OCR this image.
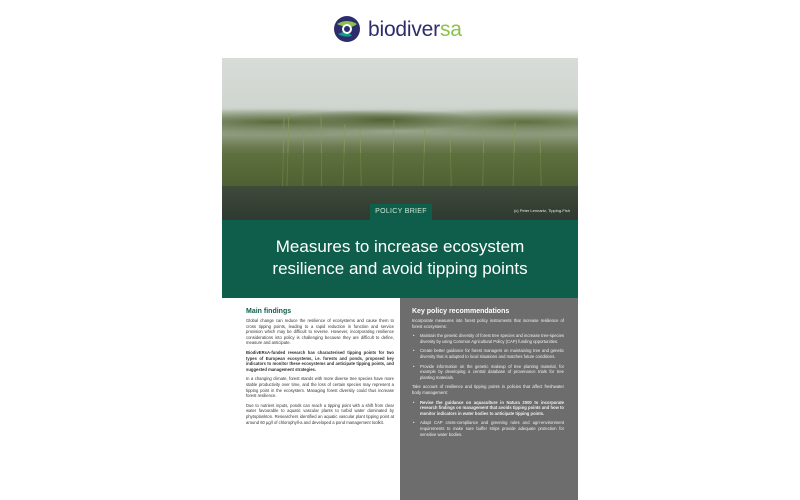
biodiversa
(c) Peter Lennartz, Tipping-Fish
POLICY BRIEF
Measures to increase ecosystem
resilience and avoid tipping points
Main findings

Global change can reduce the resilience of ecosystems and cause them to cross tipping points, leading to a rapid reduction in function and service provision which may be difficult to reverse. However, incorporating resilience considerations into policy is challenging because they are difficult to define, measure and anticipate.

BiodivERsA-funded research has characterised tipping points for two types of European ecosystems, i.e. forests and ponds, proposed key indicators to monitor these ecosystems and anticipate tipping points, and suggested management strategies.

In a changing climate, forest stands with more diverse tree species have more stable productivity over time, and the loss of certain species may represent a tipping point in the ecosystem. Managing forest diversity could thus increase forest resilience.

Due to nutrient inputs, ponds can reach a tipping point with a shift from clear water favourable to aquatic vascular plants to turbid water dominated by phytoplankton. Researchers identified an aquatic vascular plant tipping point at around 60 µg/l of chlorophyll-a and developed a pond management toolkit.

Key policy recommendations

Incorporate measures into forest policy instruments that increase resilience of forest ecosystems:

• Maintain the genetic diversity of forest tree species and increase tree-species diversity by using Common Agricultural Policy (CAP) funding opportunities.
• Create better guidance for forest managers on maintaining tree and genetic diversity that is adapted to local situations and matches future conditions.
• Provide information on the genetic makeup of tree planting material, for example by developing a central database of provenance trials for tree planting materials.

Take account of resilience and tipping points in policies that affect freshwater body management:

• Revise the guidance on aquaculture in Natura 2000 to incorporate research findings on management that avoids tipping points and how to monitor indicators in water bodies to anticipate tipping points.
• Adapt CAP cross-compliance and greening rules and agri-environment requirements to make sure buffer strips provide adequate protection for sensitive water bodies.
